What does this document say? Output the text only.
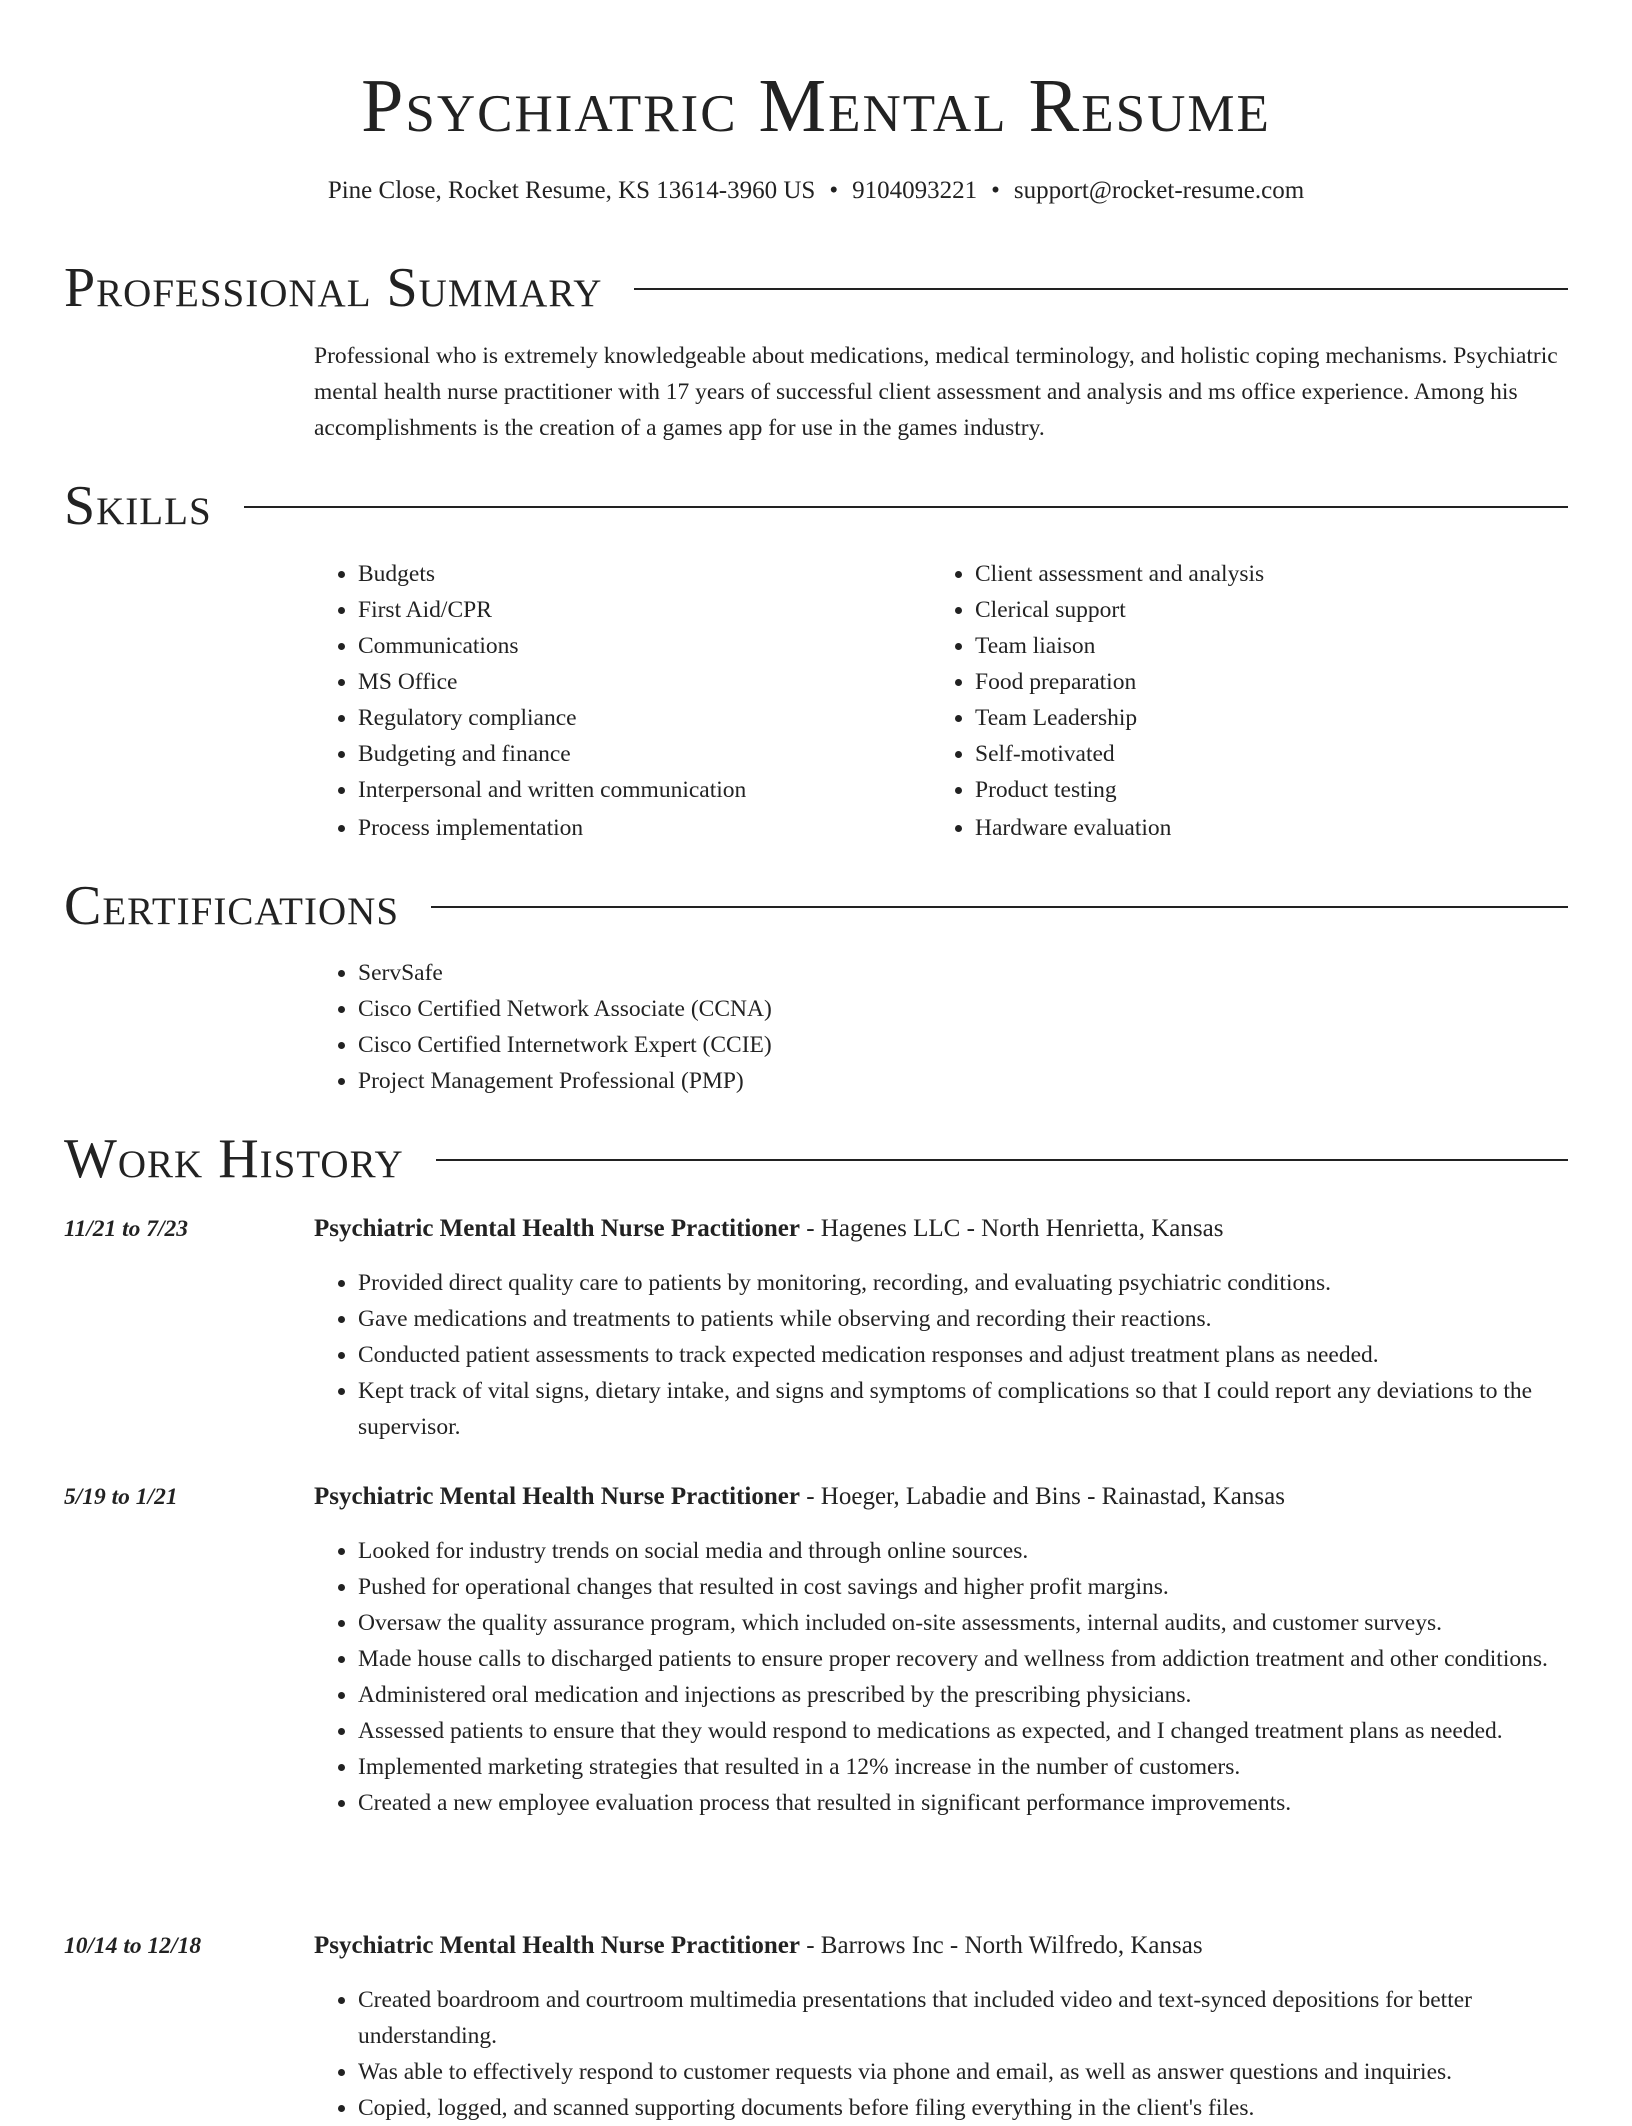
Psychiatric Mental Resume
Pine Close, Rocket Resume, KS 13614-3960 US • 9104093221 • support@rocket-resume.com
Professional Summary

Professional who is extremely knowledgeable about medications, medical terminology, and holistic coping mechanisms. Psychiatric mental health nurse practitioner with 17 years of successful client assessment and analysis and ms office experience. Among his accomplishments is the creation of a games app for use in the games industry.

Skills
• Budgets
• First Aid/CPR
• Communications
• MS Office
• Regulatory compliance
• Budgeting and finance
• Interpersonal and written communication
• Process implementation
• Client assessment and analysis
• Clerical support
• Team liaison
• Food preparation
• Team Leadership
• Self-motivated
• Product testing
• Hardware evaluation
Certifications
• ServSafe
• Cisco Certified Network Associate (CCNA)
• Cisco Certified Internetwork Expert (CCIE)
• Project Management Professional (PMP)
Work History
11/21 to 7/23	Psychiatric Mental Health Nurse Practitioner - Hagenes LLC - North Henrietta, Kansas
• Provided direct quality care to patients by monitoring, recording, and evaluating psychiatric conditions.
• Gave medications and treatments to patients while observing and recording their reactions.
• Conducted patient assessments to track expected medication responses and adjust treatment plans as needed.
• Kept track of vital signs, dietary intake, and signs and symptoms of complications so that I could report any deviations to the supervisor.
5/19 to 1/21	Psychiatric Mental Health Nurse Practitioner - Hoeger, Labadie and Bins - Rainastad, Kansas
• Looked for industry trends on social media and through online sources.
• Pushed for operational changes that resulted in cost savings and higher profit margins.
• Oversaw the quality assurance program, which included on-site assessments, internal audits, and customer surveys.
• Made house calls to discharged patients to ensure proper recovery and wellness from addiction treatment and other conditions.
• Administered oral medication and injections as prescribed by the prescribing physicians.
• Assessed patients to ensure that they would respond to medications as expected, and I changed treatment plans as needed.
• Implemented marketing strategies that resulted in a 12% increase in the number of customers.
• Created a new employee evaluation process that resulted in significant performance improvements.
10/14 to 12/18	Psychiatric Mental Health Nurse Practitioner - Barrows Inc - North Wilfredo, Kansas
• Created boardroom and courtroom multimedia presentations that included video and text-synced depositions for better understanding.
• Was able to effectively respond to customer requests via phone and email, as well as answer questions and inquiries.
• Copied, logged, and scanned supporting documents before filing everything in the client's files.
